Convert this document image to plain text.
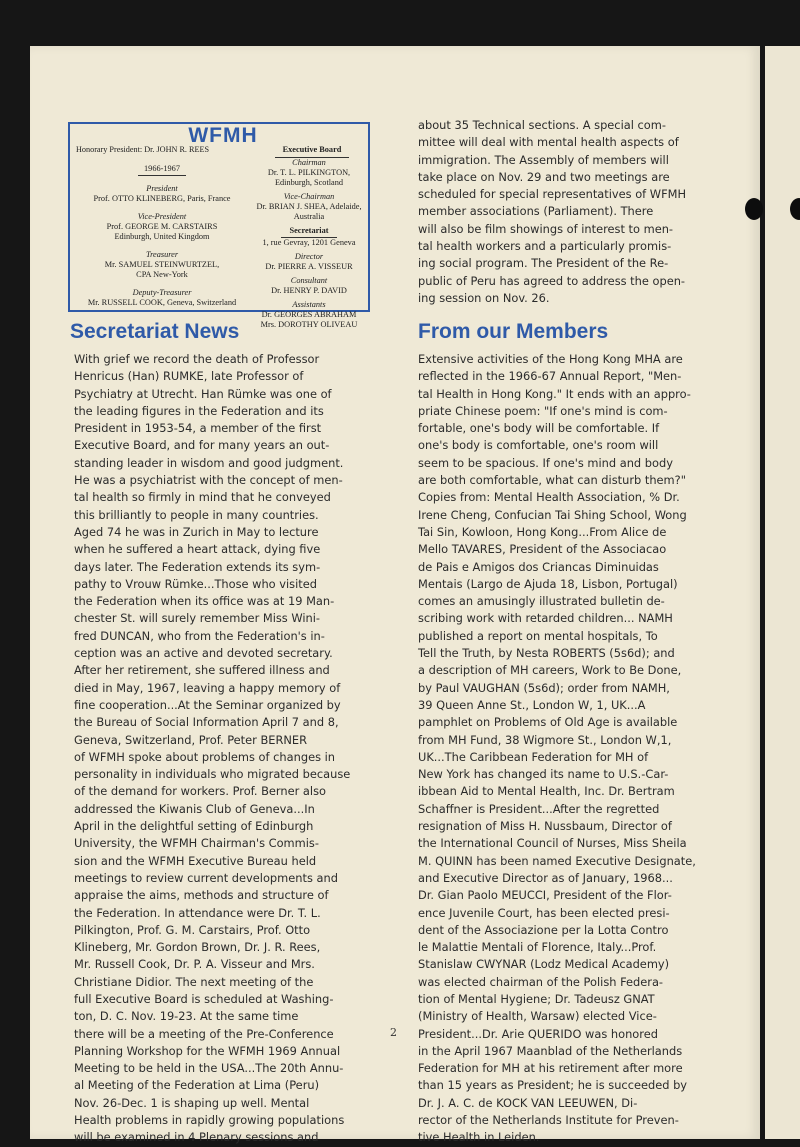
WFMH
Honorary President: Dr. JOHN R. REES	Executive Board
1966-1967
President
Prof. OTTO KLINEBERG, Paris, France
Vice-President
Prof. GEORGE M. CARSTAIRS
Edinburgh, United Kingdom
Treasurer
Mr. SAMUEL STEINWURTZEL,
CPA New-York
Deputy-Treasurer
Mr. RUSSELL COOK, Geneva, Switzerland
Chairman
Dr. T. L. PILKINGTON,
Edinburgh, Scotland
Vice-Chairman
Dr. BRIAN J. SHEA, Adelaide,
Australia
Secretariat
1, rue Gevray, 1201 Geneva
Director
Dr. PIERRE A. VISSEUR
Consultant
Dr. HENRY P. DAVID
Assistants
Dr. GEORGES ABRAHAM
Mrs. DOROTHY OLIVEAU
about 35 Technical sections. A special com-
mittee will deal with mental health aspects of
immigration. The Assembly of members will
take place on Nov. 29 and two meetings are
scheduled for special representatives of WFMH
member associations (Parliament). There
will also be film showings of interest to men-
tal health workers and a particularly promis-
ing social program. The President of the Re-
public of Peru has agreed to address the open-
ing session on Nov. 26.
Secretariat News	From our Members
With grief we record the death of Professor
Henricus (Han) RUMKE, late Professor of
Psychiatry at Utrecht. Han Rümke was one of
the leading figures in the Federation and its
President in 1953-54, a member of the first
Executive Board, and for many years an out-
standing leader in wisdom and good judgment.
He was a psychiatrist with the concept of men-
tal health so firmly in mind that he conveyed
this brilliantly to people in many countries.
Aged 74 he was in Zurich in May to lecture
when he suffered a heart attack, dying five
days later. The Federation extends its sym-
pathy to Vrouw Rümke...Those who visited
the Federation when its office was at 19 Man-
chester St. will surely remember Miss Wini-
fred DUNCAN, who from the Federation's in-
ception was an active and devoted secretary.
After her retirement, she suffered illness and
died in May, 1967, leaving a happy memory of
fine cooperation...At the Seminar organized by
the Bureau of Social Information April 7 and 8,
Geneva, Switzerland, Prof. Peter BERNER
of WFMH spoke about problems of changes in
personality in individuals who migrated because
of the demand for workers. Prof. Berner also
addressed the Kiwanis Club of Geneva...In
April in the delightful setting of Edinburgh
University, the WFMH Chairman's Commis-
sion and the WFMH Executive Bureau held
meetings to review current developments and
appraise the aims, methods and structure of
the Federation. In attendance were Dr. T. L.
Pilkington, Prof. G. M. Carstairs, Prof. Otto
Klineberg, Mr. Gordon Brown, Dr. J. R. Rees,
Mr. Russell Cook, Dr. P. A. Visseur and Mrs.
Christiane Didior. The next meeting of the
full Executive Board is scheduled at Washing-
ton, D. C. Nov. 19-23. At the same time
there will be a meeting of the Pre-Conference
Planning Workshop for the WFMH 1969 Annual
Meeting to be held in the USA...The 20th Annu-
al Meeting of the Federation at Lima (Peru)
Nov. 26-Dec. 1 is shaping up well. Mental
Health problems in rapidly growing populations
will be examined in 4 Plenary sessions and
Extensive activities of the Hong Kong MHA are
reflected in the 1966-67 Annual Report, "Men-
tal Health in Hong Kong." It ends with an appro-
priate Chinese poem: "If one's mind is com-
fortable, one's body will be comfortable. If
one's body is comfortable, one's room will
seem to be spacious. If one's mind and body
are both comfortable, what can disturb them?"
Copies from: Mental Health Association, % Dr.
Irene Cheng, Confucian Tai Shing School, Wong
Tai Sin, Kowloon, Hong Kong...From Alice de
Mello TAVARES, President of the Associacao
de Pais e Amigos dos Criancas Diminuidas
Mentais (Largo de Ajuda 18, Lisbon, Portugal)
comes an amusingly illustrated bulletin de-
scribing work with retarded children... NAMH
published a report on mental hospitals, To
Tell the Truth, by Nesta ROBERTS (5s6d); and
a description of MH careers, Work to Be Done,
by Paul VAUGHAN (5s6d); order from NAMH,
39 Queen Anne St., London W, 1, UK...A
pamphlet on Problems of Old Age is available
from MH Fund, 38 Wigmore St., London W,1,
UK...The Caribbean Federation for MH of
New York has changed its name to U.S.-Car-
ibbean Aid to Mental Health, Inc. Dr. Bertram
Schaffner is President...After the regretted
resignation of Miss H. Nussbaum, Director of
the International Council of Nurses, Miss Sheila
M. QUINN has been named Executive Designate,
and Executive Director as of January, 1968...
Dr. Gian Paolo MEUCCI, President of the Flor-
ence Juvenile Court, has been elected presi-
dent of the Associazione per la Lotta Contro
le Malattie Mentali of Florence, Italy...Prof.
Stanislaw CWYNAR (Lodz Medical Academy)
was elected chairman of the Polish Federa-
tion of Mental Hygiene; Dr. Tadeusz GNAT
(Ministry of Health, Warsaw) elected Vice-
President...Dr. Arie QUERIDO was honored
in the April 1967 Maanblad of the Netherlands
Federation for MH at his retirement after more
than 15 years as President; he is succeeded by
Dr. J. A. C. de KOCK VAN LEEUWEN, Di-
rector of the Netherlands Institute for Preven-
tive Health in Leiden.
2
